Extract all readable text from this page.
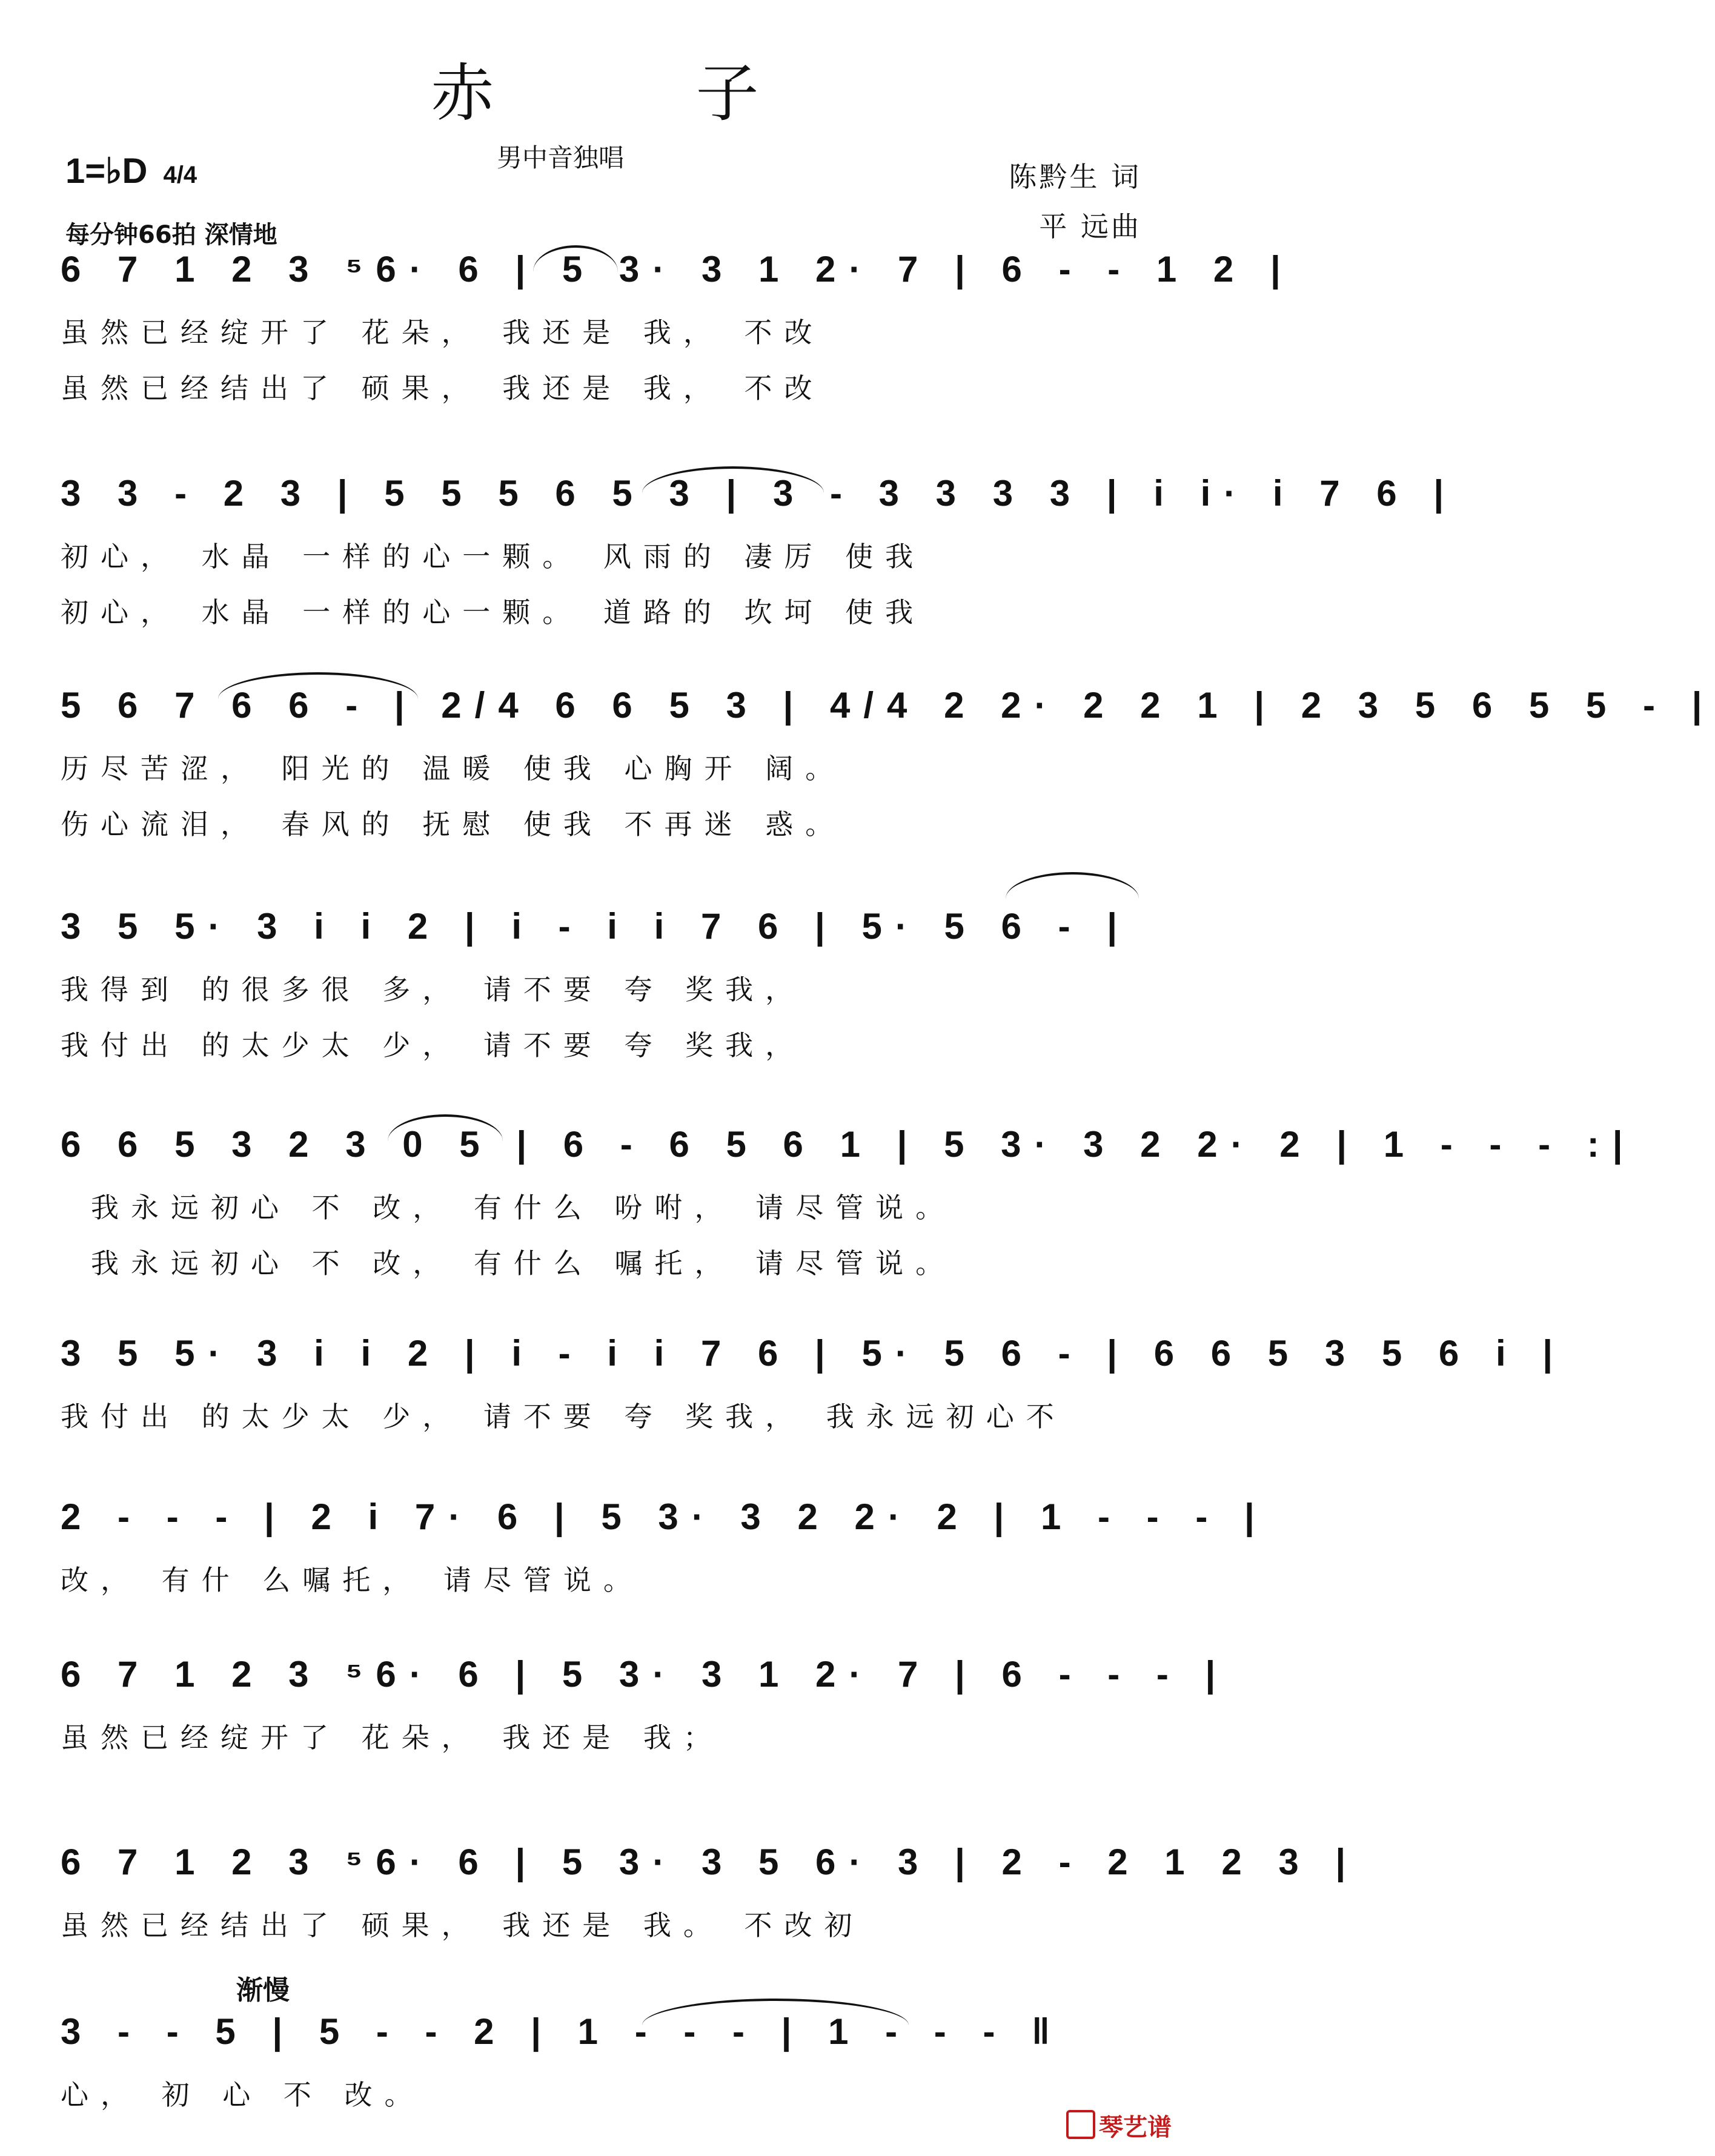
赤 子
1=♭D 4/4
男中音独唱
陈黔生 词
平 远曲
每分钟66拍 深情地
6 7 1 2 3 ⁵6· 6 | 5 3· 3 1 2· 7 | 6 - - 1 2 |
虽然已经绽开了 花朵， 我还是 我， 不改
虽然已经结出了 硕果， 我还是 我， 不改
3 3 - 2 3 | 5 5 5 6 5 3 | 3 - 3 3 3 3 | i i· i 7 6 |
初心， 水晶 一样的心一颗。 风雨的 凄厉 使我
初心， 水晶 一样的心一颗。 道路的 坎坷 使我
5 6 7 6 6 - | 2/4 6 6 5 3 | 4/4 2 2· 2 2 1 | 2 3 5 6 5 5 - |
历尽苦涩， 阳光的 温暖 使我 心胸开 阔。
伤心流泪， 春风的 抚慰 使我 不再迷 惑。
3 5 5· 3 i i 2 | i - i i 7 6 | 5· 5 6 - |
我得到 的很多很 多， 请不要 夸 奖我，
我付出 的太少太 少， 请不要 夸 奖我，
6 6 5 3 2 3 0 5 | 6 - 6 5 6 1 | 5 3· 3 2 2· 2 | 1 - - - :|
我永远初心 不 改， 有什么 吩咐， 请尽管说。
我永远初心 不 改， 有什么 嘱托， 请尽管说。
3 5 5· 3 i i 2 | i - i i 7 6 | 5· 5 6 - | 6 6 5 3 5 6 i |
我付出 的太少太 少， 请不要 夸 奖我， 我永远初心不
2 - - - | 2 i 7· 6 | 5 3· 3 2 2· 2 | 1 - - - |
改， 有什 么嘱托， 请尽管说。
6 7 1 2 3 ⁵6· 6 | 5 3· 3 1 2· 7 | 6 - - - |
虽然已经绽开了 花朵， 我还是 我；
6 7 1 2 3 ⁵6· 6 | 5 3· 3 5 6· 3 | 2 - 2 1 2 3 |
虽然已经结出了 硕果， 我还是 我。 不改初
渐慢
3 - - 5 | 5 - - 2 | 1 - - - | 1 - - - ‖
心， 初 心 不 改。
琴艺谱
